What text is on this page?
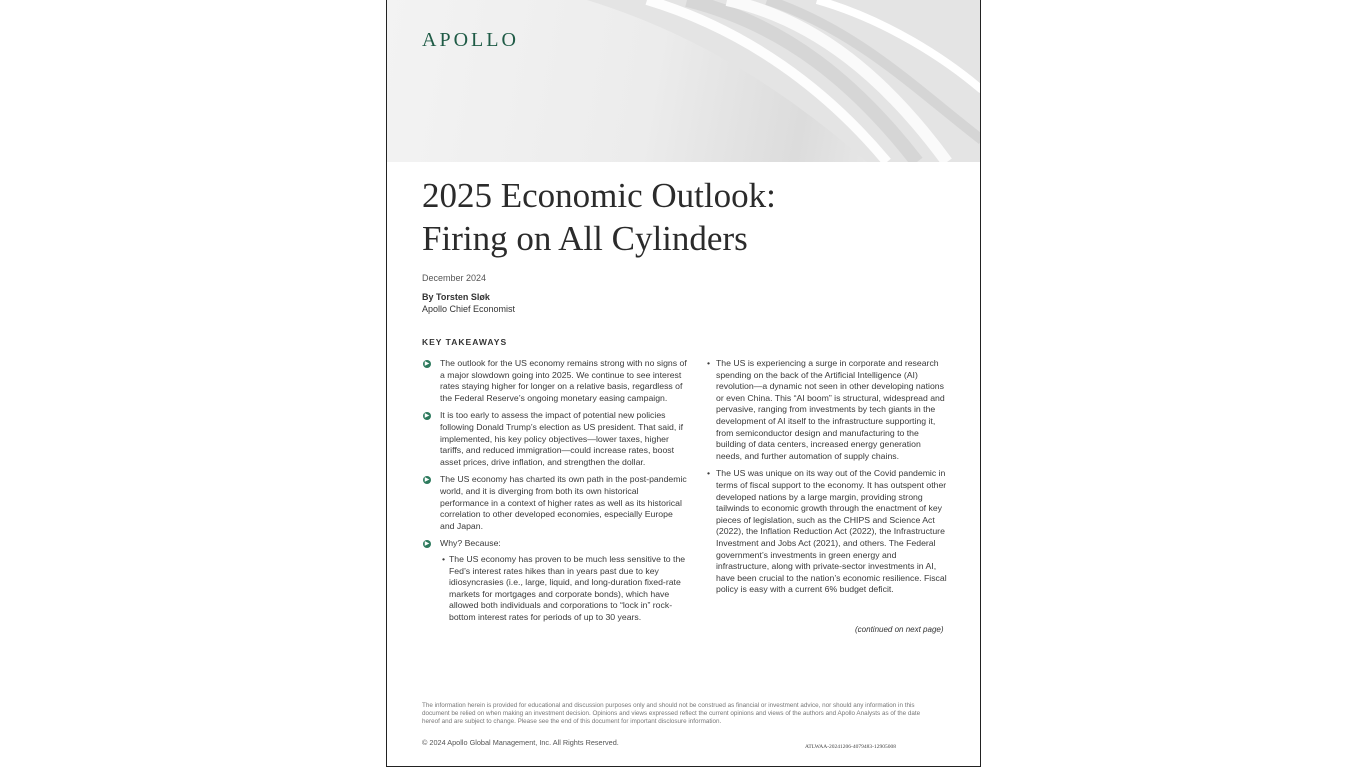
APOLLO
2025 Economic Outlook:
Firing on All Cylinders
December 2024
By Torsten Sløk
Apollo Chief Economist
KEY TAKEAWAYS
▶ The outlook for the US economy remains strong with no signs of a major slowdown going into 2025. We continue to see interest rates staying higher for longer on a relative basis, regardless of the Federal Reserve’s ongoing monetary easing campaign.
▶ It is too early to assess the impact of potential new policies following Donald Trump’s election as US president. That said, if implemented, his key policy objectives—lower taxes, higher tariffs, and reduced immigration—could increase rates, boost asset prices, drive inflation, and strengthen the dollar.
▶ The US economy has charted its own path in the post-pandemic world, and it is diverging from both its own historical performance in a context of higher rates as well as its historical correlation to other developed economies, especially Europe and Japan.
▶ Why? Because:
• The US economy has proven to be much less sensitive to the Fed’s interest rates hikes than in years past due to key idiosyncrasies (i.e., large, liquid, and long-duration fixed-rate markets for mortgages and corporate bonds), which have allowed both individuals and corporations to “lock in” rock-bottom interest rates for periods of up to 30 years.
• The US is experiencing a surge in corporate and research spending on the back of the Artificial Intelligence (AI) revolution—a dynamic not seen in other developing nations or even China. This “AI boom” is structural, widespread and pervasive, ranging from investments by tech giants in the development of AI itself to the infrastructure supporting it, from semiconductor design and manufacturing to the building of data centers, increased energy generation needs, and further automation of supply chains.
• The US was unique on its way out of the Covid pandemic in terms of fiscal support to the economy. It has outspent other developed nations by a large margin, providing strong tailwinds to economic growth through the enactment of key pieces of legislation, such as the CHIPS and Science Act (2022), the Inflation Reduction Act (2022), the Infrastructure Investment and Jobs Act (2021), and others. The Federal government’s investments in green energy and infrastructure, along with private-sector investments in AI, have been crucial to the nation’s economic resilience. Fiscal policy is easy with a current 6% budget deficit.
(continued on next page)
The information herein is provided for educational and discussion purposes only and should not be construed as financial or investment advice, nor should any information in this document be relied on when making an investment decision. Opinions and views expressed reflect the current opinions and views of the authors and Apollo Analysts as of the date hereof and are subject to change. Please see the end of this document for important disclosure information.
© 2024 Apollo Global Management, Inc. All Rights Reserved.	ATLWAA-20241206-4079483-12905008
